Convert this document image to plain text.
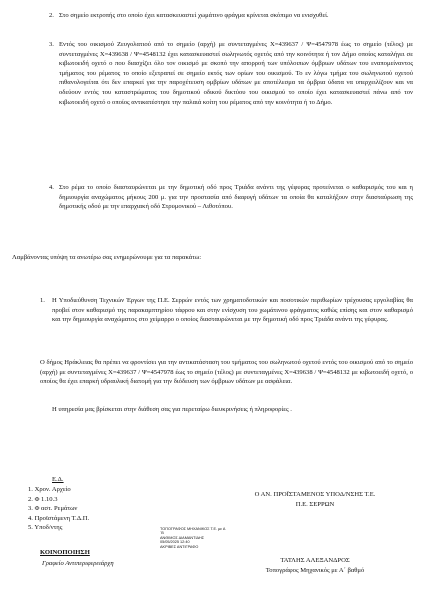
2. Στο σημείο εκτροπής στο οποίο έχει κατασκευαστεί χωμάτινο φράγμα κρίνεται σκόπιμο να ενισχυθεί.

3. Εντός του οικισμού Ζευγολατιού από το σημείο (αρχή) με συντεταγμένες Χ=439637 / Ψ=4547978 έως το σημείο (τέλος) με συντεταγμένες Χ=439638 / Ψ=4548132 έχει κατασκευαστεί σωληνωτός οχετός από την κοινότητα ή τον Δήμο οποίος καταλήγει σε κιβωτοειδή οχετό ο που διασχίζει όλο τον οικισμό με σκοπό την απορροή των υπόλοιπων όμβριων υδάτων του εναπομείναντος τμήματος του ρέματος το οποίο εξετραπεί σε σημείο εκτός των ορίων του οικισμού. Το εν λόγω τμήμα του σωληνωτού οχετού πιθανολογείται ότι δεν επαρκεί για την παροχέτευση ομβρίων υδάτων με αποτέλεσμα τα όμβρια ύδατα να υπερχειλίζουν και να οδεύουν εντός του καταστρώματος του δημοτικού οδικού δικτύου του οικισμού το οποίο έχει κατασκευαστεί πάνω από τον κιβωτοειδή οχετό ο οποίος αντικατέστησε την παλαιά κοίτη του ρέματος από την κοινότητα ή το Δήμο.

4. Στο ρέμα το οποίο διασταυρώνεται με την δημοτική οδό προς Τριάδα ανάντι της γέφυρας προτείνεται ο καθαρισμός του και η δημιουργία αναχώματος μήκους 200 μ. για την προστασία από διαφυγή υδάτων τα οποία θα καταλήξουν στην διασταύρωση της δημοτικής οδού με την επαρχιακή οδό Στρυμονικού – Λιθοτόπου.

Λαμβάνοντας υπόψη τα ανωτέρω σας ενημερώνουμε για τα παρακάτω:

1. Η Υποδιεύθυνση Τεχνικών Έργων της Π.Ε. Σερρών εντός των χρηματοδοτικών και ποσοτικών περιθωρίων τρέχουσας εργολαβίας θα προβεί στον καθαρισμό της παρακαμπτηρίου τάφρου και στην ενίσχυση του χωμάτινου φράγματος καθώς επίσης και στον καθαρισμό και την δημιουργία αναχώματος στο χείμαρρο ο οποίος διασταυρώνεται με την δημοτική οδό προς Τριάδα ανάντι της γέφυρας.

Ο δήμος Ηράκλειας θα πρέπει να φροντίσει για την αντικατάσταση του τμήματος του σωληνωτού οχετού εντός του οικισμού από το σημείο (αρχή) με συντεταγμένες Χ=439637 / Ψ=4547978 έως το σημείο (τέλος) με συντεταγμένες Χ=439638 / Ψ=4548132 με κιβωτοειδή οχετό, ο οποίος θα έχει επαρκή υδραυλική διατομή για την διόδευση των όμβριων υδάτων με ασφάλεια.

Η υπηρεσία μας βρίσκεται στην διάθεση σας για περεταίρω διευκρινήσεις ή πληροφορίες .

Ε.Δ.
1. Χρον. Αρχείο
2. Φ 1.10.3
3. Φ αστ. Ρεμάτων
4. Προϊστάμενη Τ.Δ.Π.
5. Υποδ/ντης
ΚΟΙΝΟΠΟΙΗΣΗ
Γραφείο Αντιπεριφερειάρχη
ΤΟΠΟΓΡΑΦΟΣ ΜΗΧΑΝΙΚΟΣ Τ.Ε. με Α
΄Β
ΑΝΘΙΜΟΣ ΔΙΑΜΑΝΤΙΔΗΣ
05/05/2025 12:40
ΑΚΡΙΒΕΣ ΑΝΤΙΓΡΑΦΟ
Ο ΑΝ. ΠΡΟΪΣΤΑΜΕΝΟΣ ΥΠΟΔ/ΝΣΗΣ Τ.Ε.
Π.Ε. ΣΕΡΡΩΝ
ΤΑΤΛΗΣ ΑΛΕΞΑΝΔΡΟΣ
Τοπογράφος Μηχανικός με Α΄ βαθμό
